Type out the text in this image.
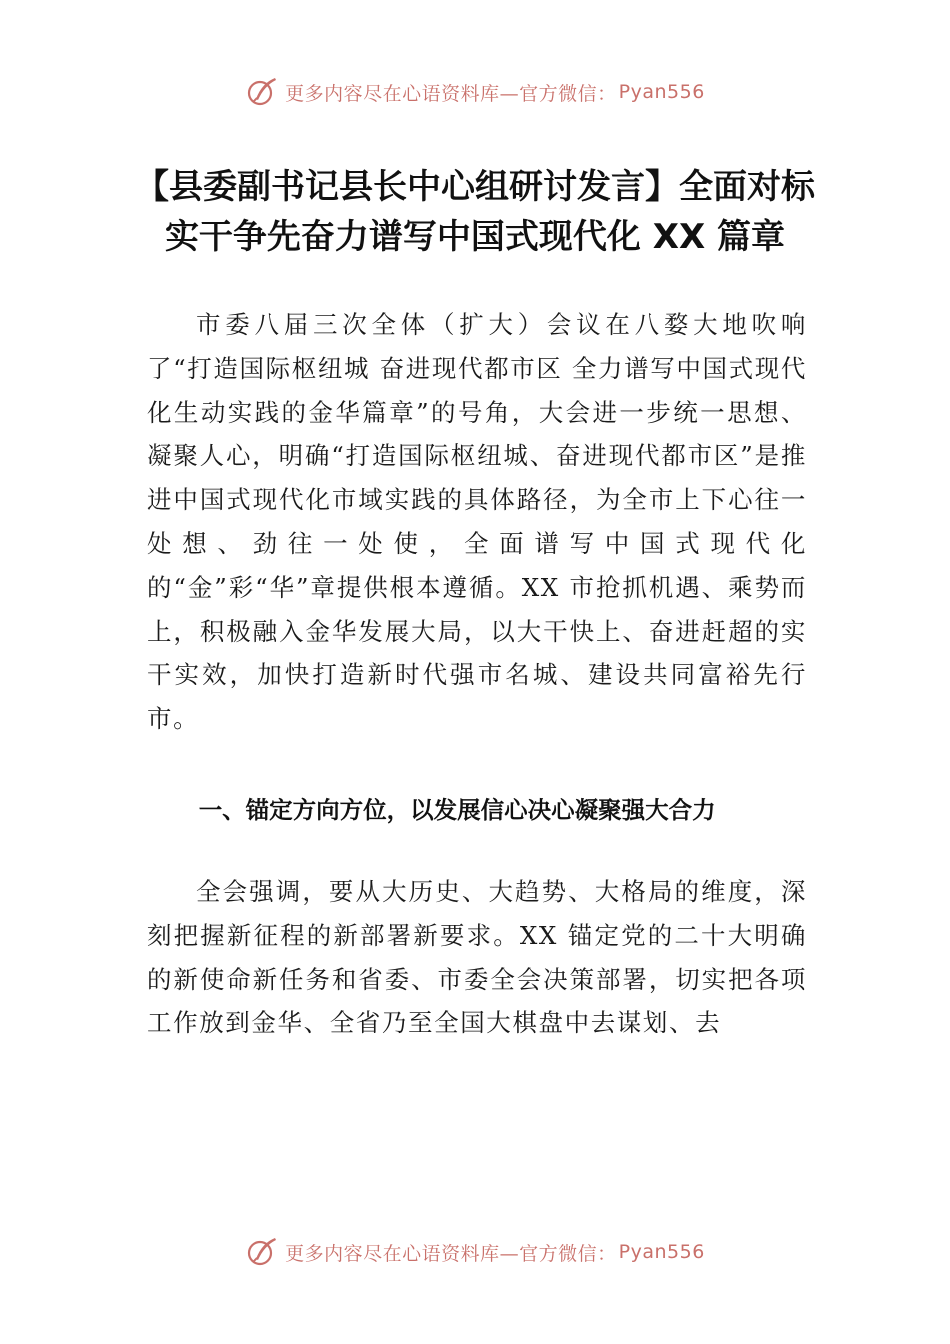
更多内容尽在心语资料库—官方微信： Pyan556
【县委副书记县长中心组研讨发言】全面对标实干争先奋力谱写中国式现代化 XX 篇章

市委八届三次全体（扩大）会议在八婺大地吹响了“打造国际枢纽城 奋进现代都市区 全力谱写中国式现代化生动实践的金华篇章”的号角，大会进一步统一思想、凝聚人心，明确“打造国际枢纽城、奋进现代都市区”是推进中国式现代化市域实践的具体路径，为全市上下心往一处想、劲往一处使，全面谱写中国式现代化的“金”彩“华”章提供根本遵循。XX 市抢抓机遇、乘势而上，积极融入金华发展大局，以大干快上、奋进赶超的实干实效，加快打造新时代强市名城、建设共同富裕先行市。

一、锚定方向方位，以发展信心决心凝聚强大合力

全会强调，要从大历史、大趋势、大格局的维度，深刻把握新征程的新部署新要求。XX 锚定党的二十大明确的新使命新任务和省委、市委全会决策部署，切实把各项工作放到金华、全省乃至全国大棋盘中去谋划、去

更多内容尽在心语资料库—官方微信： Pyan556
